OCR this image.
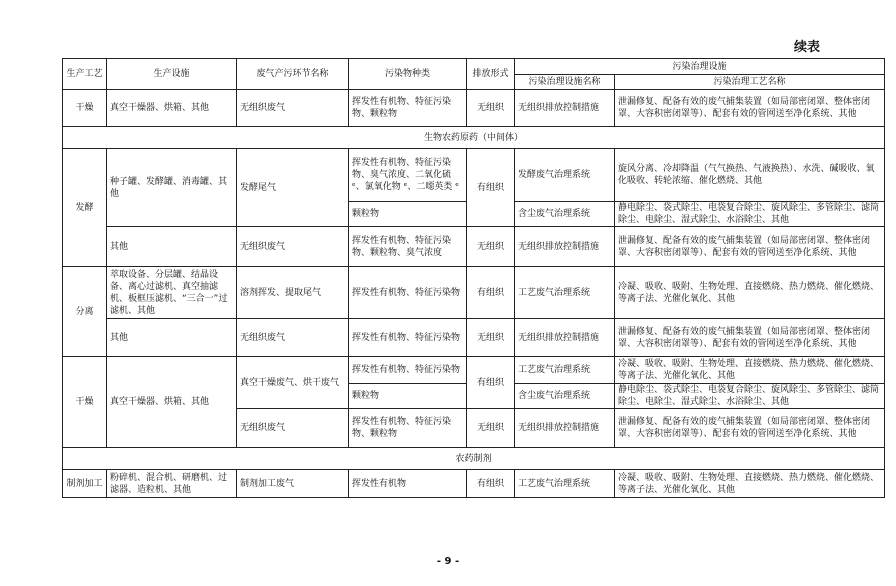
续表
生产工艺	生产设施	废气产污环节名称	污染物种类	排放形式	污染治理设施	
					污染治理设施名称	污染治理工艺名称
干燥	真空干燥器、烘箱、其他	无组织废气	挥发性有机物、特征污染物、颗粒物	无组织	无组织排放控制措施	泄漏修复、配备有效的废气捕集装置（如局部密闭罩、整体密闭罩、大容积密闭罩等）、配套有效的管网送至净化系统、其他
生物农药原药（中间体）						
发酵	种子罐、发酵罐、消毒罐、其他	发酵尾气	挥发性有机物、特征污染物、臭气浓度、二氧化硫 ᵉ、氯氧化物 ᵉ、二噁英类 ᵉ	有组织	发酵废气治理系统	旋风分离、冷却降温（气气换热、气液换热）、水洗、碱吸收、氧化吸收、转轮浓缩、催化燃烧、其他
			颗粒物		含尘废气治理系统	静电除尘、袋式除尘、电袋复合除尘、旋风除尘、多管除尘、滤筒除尘、电除尘、湿式除尘、水浴除尘、其他
	其他	无组织废气	挥发性有机物、特征污染物、颗粒物、臭气浓度	无组织	无组织排放控制措施	泄漏修复、配备有效的废气捕集装置（如局部密闭罩、整体密闭罩、大容积密闭罩等）、配套有效的管网送至净化系统、其他
分离	萃取设备、分层罐、结晶设备、离心过滤机、真空抽滤机、板框压滤机、“三合一”过滤机、其他	溶剂挥发、提取尾气	挥发性有机物、特征污染物	有组织	工艺废气治理系统	冷凝、吸收、吸附、生物处理、直接燃烧、热力燃烧、催化燃烧、等离子法、光催化氧化、其他
	其他	无组织废气	挥发性有机物、特征污染物	无组织	无组织排放控制措施	泄漏修复、配备有效的废气捕集装置（如局部密闭罩、整体密闭罩、大容积密闭罩等）、配套有效的管网送至净化系统、其他
干燥	真空干燥器、烘箱、其他	真空干燥废气、烘干废气	挥发性有机物、特征污染物	有组织	工艺废气治理系统	冷凝、吸收、吸附、生物处理、直接燃烧、热力燃烧、催化燃烧、等离子法、光催化氧化、其他
			颗粒物		含尘废气治理系统	静电除尘、袋式除尘、电袋复合除尘、旋风除尘、多管除尘、滤筒除尘、电除尘、湿式除尘、水浴除尘、其他
		无组织废气	挥发性有机物、特征污染物、颗粒物	无组织	无组织排放控制措施	泄漏修复、配备有效的废气捕集装置（如局部密闭罩、整体密闭罩、大容积密闭罩等）、配套有效的管网送至净化系统、其他
农药制剂						
制剂加工	粉碎机、混合机、研磨机、过滤器、造粒机、其他	制剂加工废气	挥发性有机物	有组织	工艺废气治理系统	冷凝、吸收、吸附、生物处理、直接燃烧、热力燃烧、催化燃烧、等离子法、光催化氧化、其他
- 9 -
